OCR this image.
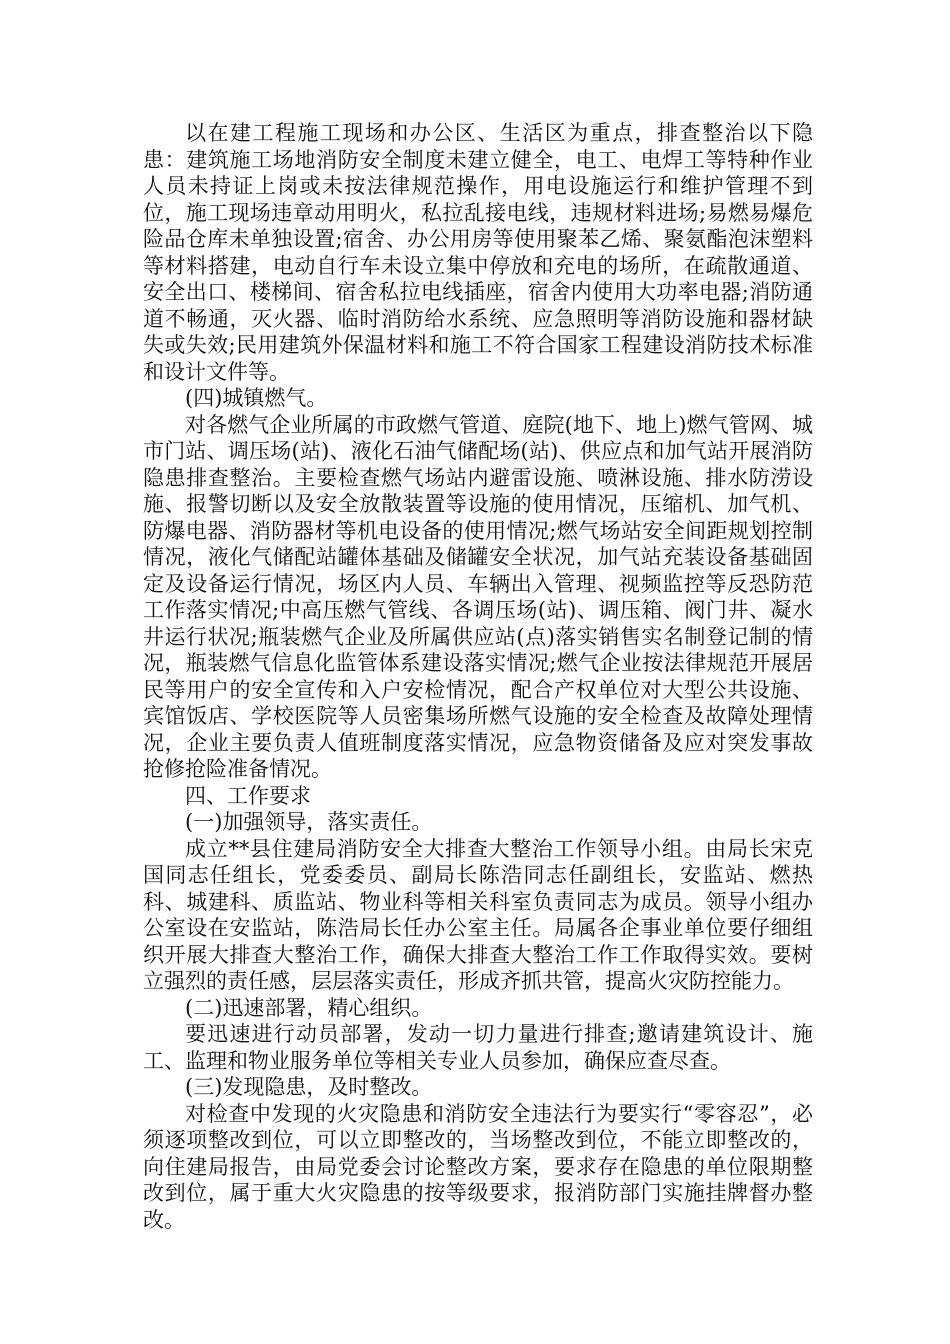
以在建工程施工现场和办公区、生活区为重点，排查整治以下隐患：建筑施工场地消防安全制度未建立健全，电工、电焊工等特种作业人员未持证上岗或未按法律规范操作，用电设施运行和维护管理不到位，施工现场违章动用明火，私拉乱接电线，违规材料进场;易燃易爆危险品仓库未单独设置;宿舍、办公用房等使用聚苯乙烯、聚氨酯泡沫塑料等材料搭建，电动自行车未设立集中停放和充电的场所，在疏散通道、安全出口、楼梯间、宿舍私拉电线插座，宿舍内使用大功率电器;消防通道不畅通，灭火器、临时消防给水系统、应急照明等消防设施和器材缺失或失效;民用建筑外保温材料和施工不符合国家工程建设消防技术标准和设计文件等。

(四)城镇燃气。

对各燃气企业所属的市政燃气管道、庭院(地下、地上)燃气管网、城市门站、调压场(站)、液化石油气储配场(站)、供应点和加气站开展消防隐患排查整治。主要检查燃气场站内避雷设施、喷淋设施、排水防涝设施、报警切断以及安全放散装置等设施的使用情况，压缩机、加气机、防爆电器、消防器材等机电设备的使用情况;燃气场站安全间距规划控制情况，液化气储配站罐体基础及储罐安全状况，加气站充装设备基础固定及设备运行情况，场区内人员、车辆出入管理、视频监控等反恐防范工作落实情况;中高压燃气管线、各调压场(站)、调压箱、阀门井、凝水井运行状况;瓶装燃气企业及所属供应站(点)落实销售实名制登记制的情况，瓶装燃气信息化监管体系建设落实情况;燃气企业按法律规范开展居民等用户的安全宣传和入户安检情况，配合产权单位对大型公共设施、宾馆饭店、学校医院等人员密集场所燃气设施的安全检查及故障处理情况，企业主要负责人值班制度落实情况，应急物资储备及应对突发事故抢修抢险准备情况。

四、工作要求

(一)加强领导，落实责任。

成立**县住建局消防安全大排查大整治工作领导小组。由局长宋克国同志任组长，党委委员、副局长陈浩同志任副组长，安监站、燃热科、城建科、质监站、物业科等相关科室负责同志为成员。领导小组办公室设在安监站，陈浩局长任办公室主任。局属各企事业单位要仔细组织开展大排查大整治工作，确保大排查大整治工作工作取得实效。要树立强烈的责任感，层层落实责任，形成齐抓共管，提高火灾防控能力。

(二)迅速部署，精心组织。

要迅速进行动员部署，发动一切力量进行排查;邀请建筑设计、施工、监理和物业服务单位等相关专业人员参加，确保应查尽查。

(三)发现隐患，及时整改。

对检查中发现的火灾隐患和消防安全违法行为要实行“零容忍”，必须逐项整改到位，可以立即整改的，当场整改到位，不能立即整改的，向住建局报告，由局党委会讨论整改方案，要求存在隐患的单位限期整改到位，属于重大火灾隐患的按等级要求，报消防部门实施挂牌督办整改。
